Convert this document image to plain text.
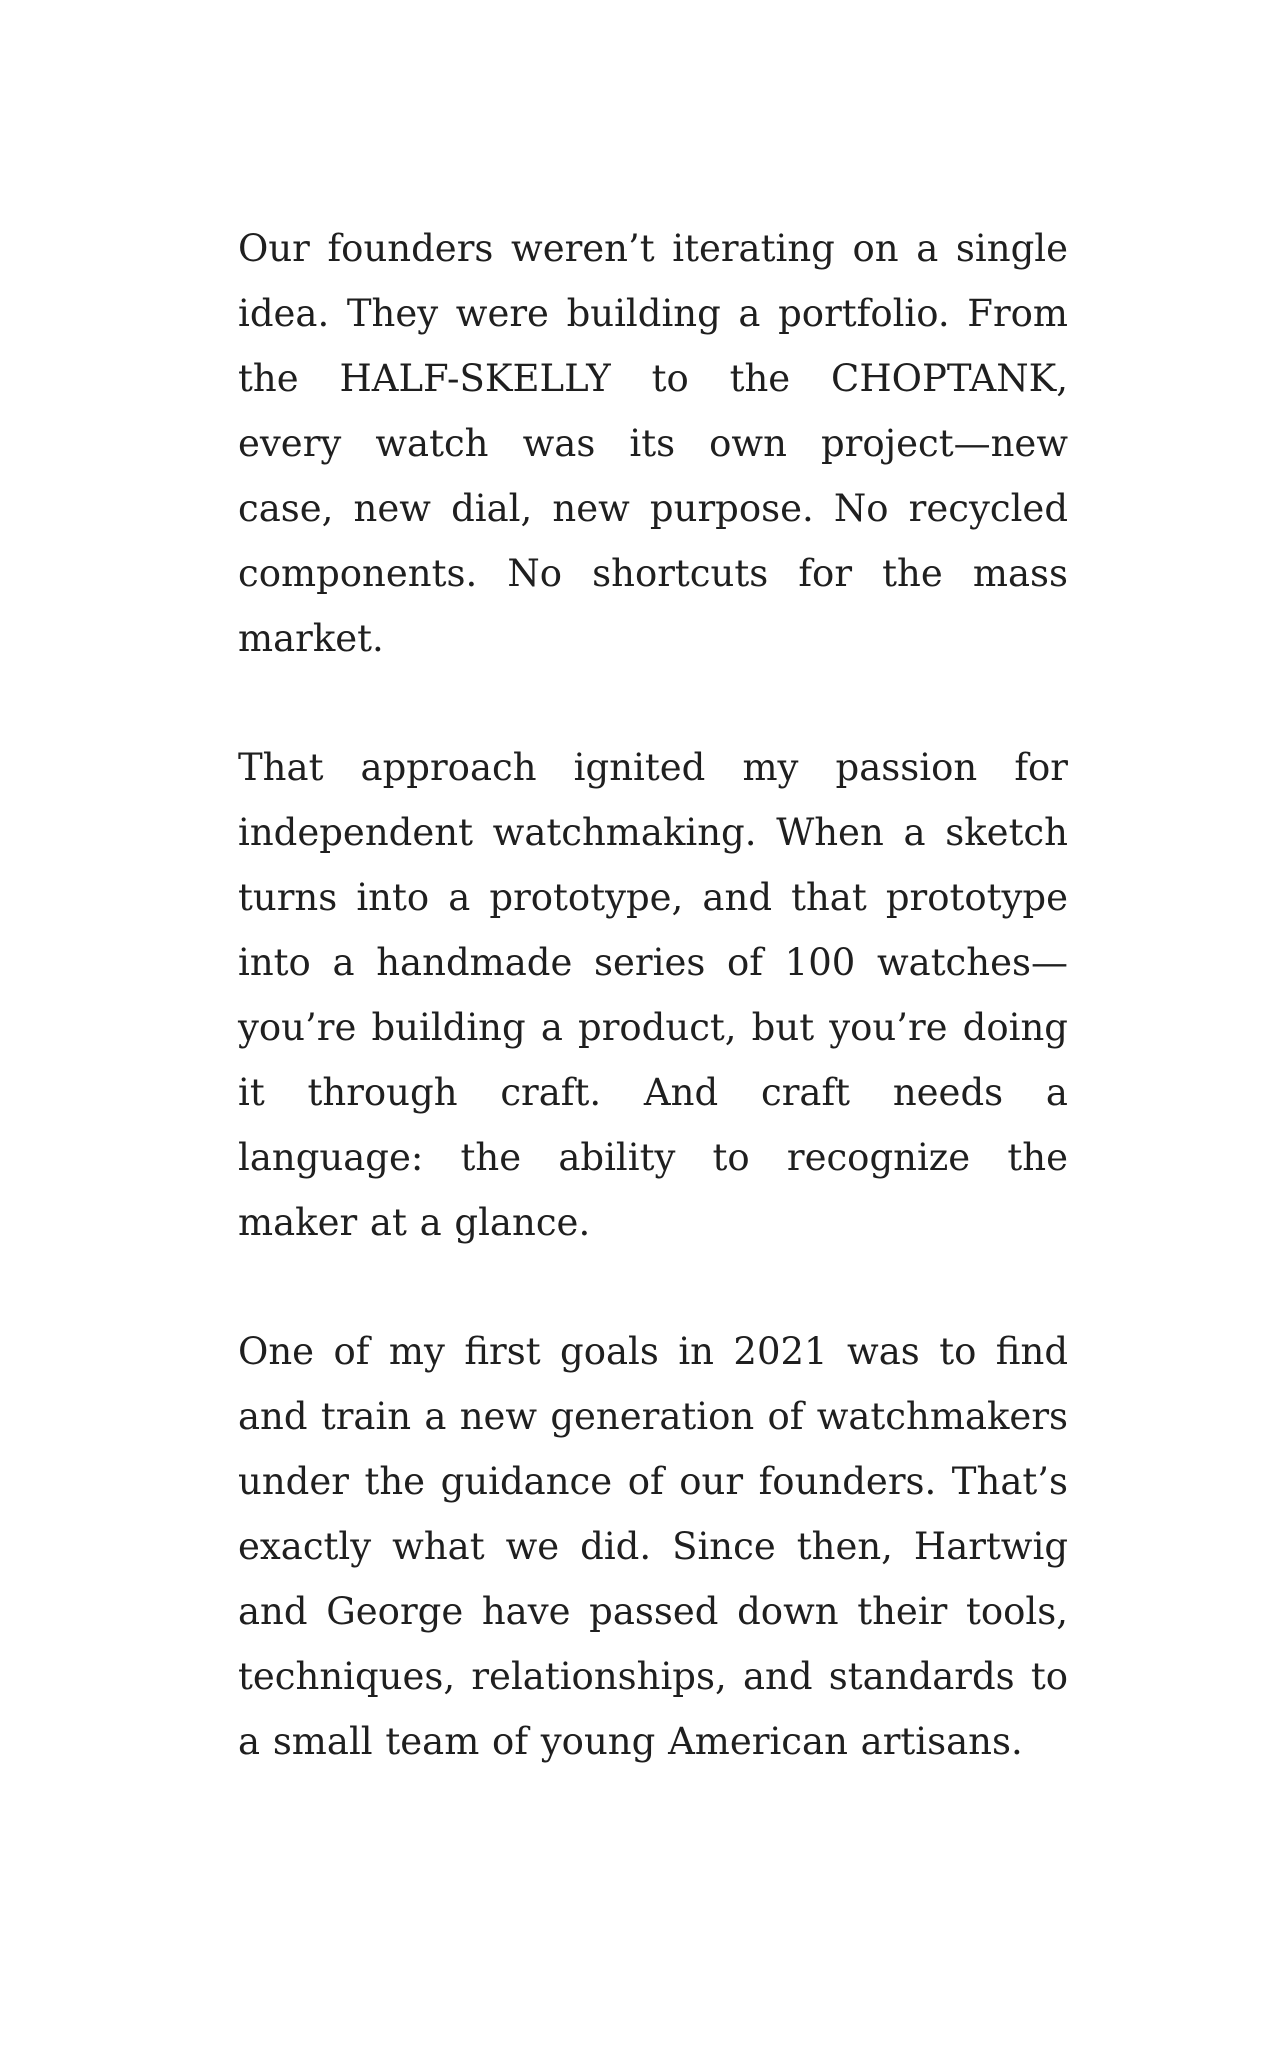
Our founders weren’t iterating on a single idea. They were building a portfolio. From the HALF-SKELLY to the CHOPTANK, every watch was its own project—new case, new dial, new purpose. No recycled components. No shortcuts for the mass market.

That approach ignited my passion for independent watchmaking. When a sketch turns into a prototype, and that prototype into a handmade series of 100 watches—you’re building a product, but you’re doing it through craft. And craft needs a language: the ability to recognize the maker at a glance.

One of my first goals in 2021 was to find and train a new generation of watchmakers under the guidance of our founders. That’s exactly what we did. Since then, Hartwig and George have passed down their tools, techniques, relationships, and standards to a small team of young American artisans.
